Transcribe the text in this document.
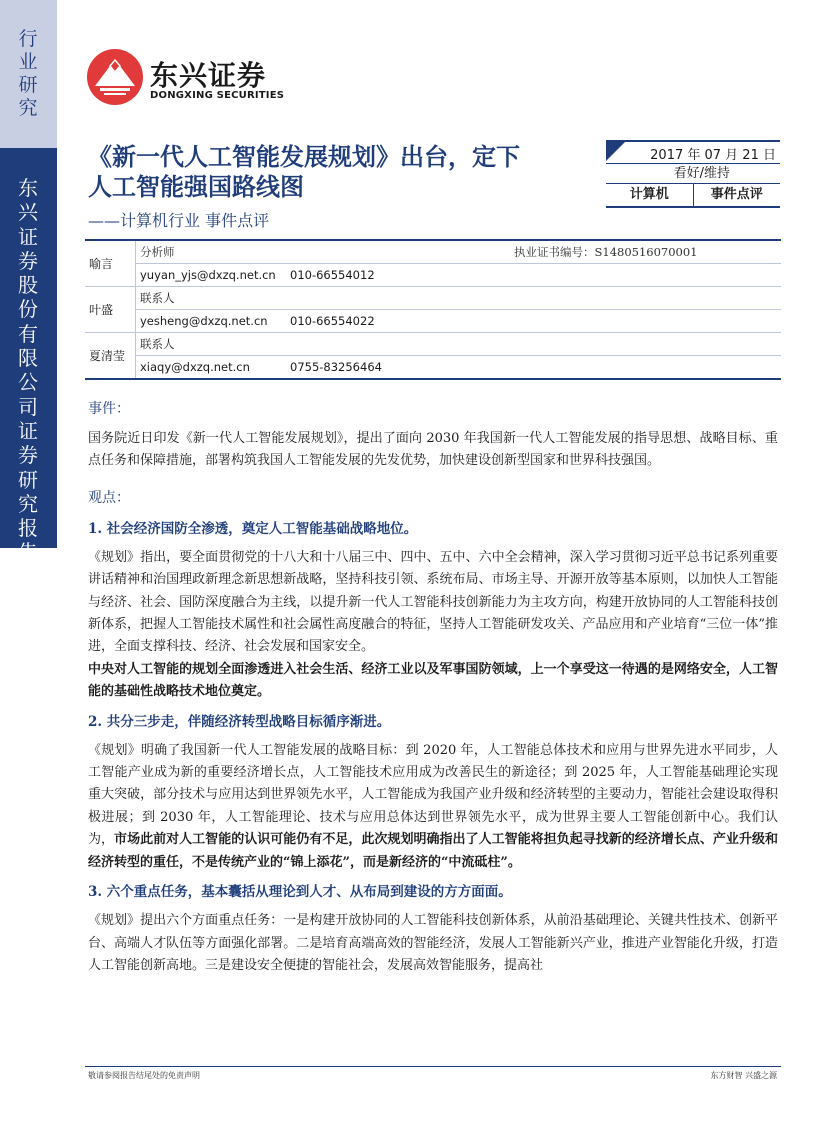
行业研究
东兴证券股份有限公司证券研究报告
东兴证券
DONGXING SECURITIES
《新一代人工智能发展规划》出台，定下人工智能强国路线图
——计算机行业 事件点评
2017 年 07 月 21 日
看好/维持
计算机	事件点评
喻言	分析师	执业证书编号：S1480516070001
	yuyan_yjs@dxzq.net.cn 010-66554012	
叶盛	联系人	
	yesheng@dxzq.net.cn 010-66554022	
夏清莹	联系人	
	xiaqy@dxzq.net.cn 0755-83256464	

事件：

国务院近日印发《新一代人工智能发展规划》，提出了面向 2030 年我国新一代人工智能发展的指导思想、战略目标、重点任务和保障措施，部署构筑我国人工智能发展的先发优势，加快建设创新型国家和世界科技强国。

观点：

1. 社会经济国防全渗透，奠定人工智能基础战略地位。

《规划》指出，要全面贯彻党的十八大和十八届三中、四中、五中、六中全会精神，深入学习贯彻习近平总书记系列重要讲话精神和治国理政新理念新思想新战略，坚持科技引领、系统布局、市场主导、开源开放等基本原则，以加快人工智能与经济、社会、国防深度融合为主线，以提升新一代人工智能科技创新能力为主攻方向，构建开放协同的人工智能科技创新体系，把握人工智能技术属性和社会属性高度融合的特征，坚持人工智能研发攻关、产品应用和产业培育“三位一体”推进，全面支撑科技、经济、社会发展和国家安全。
中央对人工智能的规划全面渗透进入社会生活、经济工业以及军事国防领域，上一个享受这一待遇的是网络安全，人工智能的基础性战略技术地位奠定。

2. 共分三步走，伴随经济转型战略目标循序渐进。

《规划》明确了我国新一代人工智能发展的战略目标：到 2020 年，人工智能总体技术和应用与世界先进水平同步，人工智能产业成为新的重要经济增长点，人工智能技术应用成为改善民生的新途径；到 2025 年，人工智能基础理论实现重大突破，部分技术与应用达到世界领先水平，人工智能成为我国产业升级和经济转型的主要动力，智能社会建设取得积极进展；到 2030 年，人工智能理论、技术与应用总体达到世界领先水平，成为世界主要人工智能创新中心。我们认为，市场此前对人工智能的认识可能仍有不足，此次规划明确指出了人工智能将担负起寻找新的经济增长点、产业升级和经济转型的重任，不是传统产业的“锦上添花”，而是新经济的“中流砥柱”。

3. 六个重点任务，基本囊括从理论到人才、从布局到建设的方方面面。

《规划》提出六个方面重点任务：一是构建开放协同的人工智能科技创新体系，从前沿基础理论、关键共性技术、创新平台、高端人才队伍等方面强化部署。二是培育高端高效的智能经济，发展人工智能新兴产业，推进产业智能化升级，打造人工智能创新高地。三是建设安全便捷的智能社会，发展高效智能服务，提高社

敬请参阅报告结尾处的免责声明	东方财智 兴盛之源
